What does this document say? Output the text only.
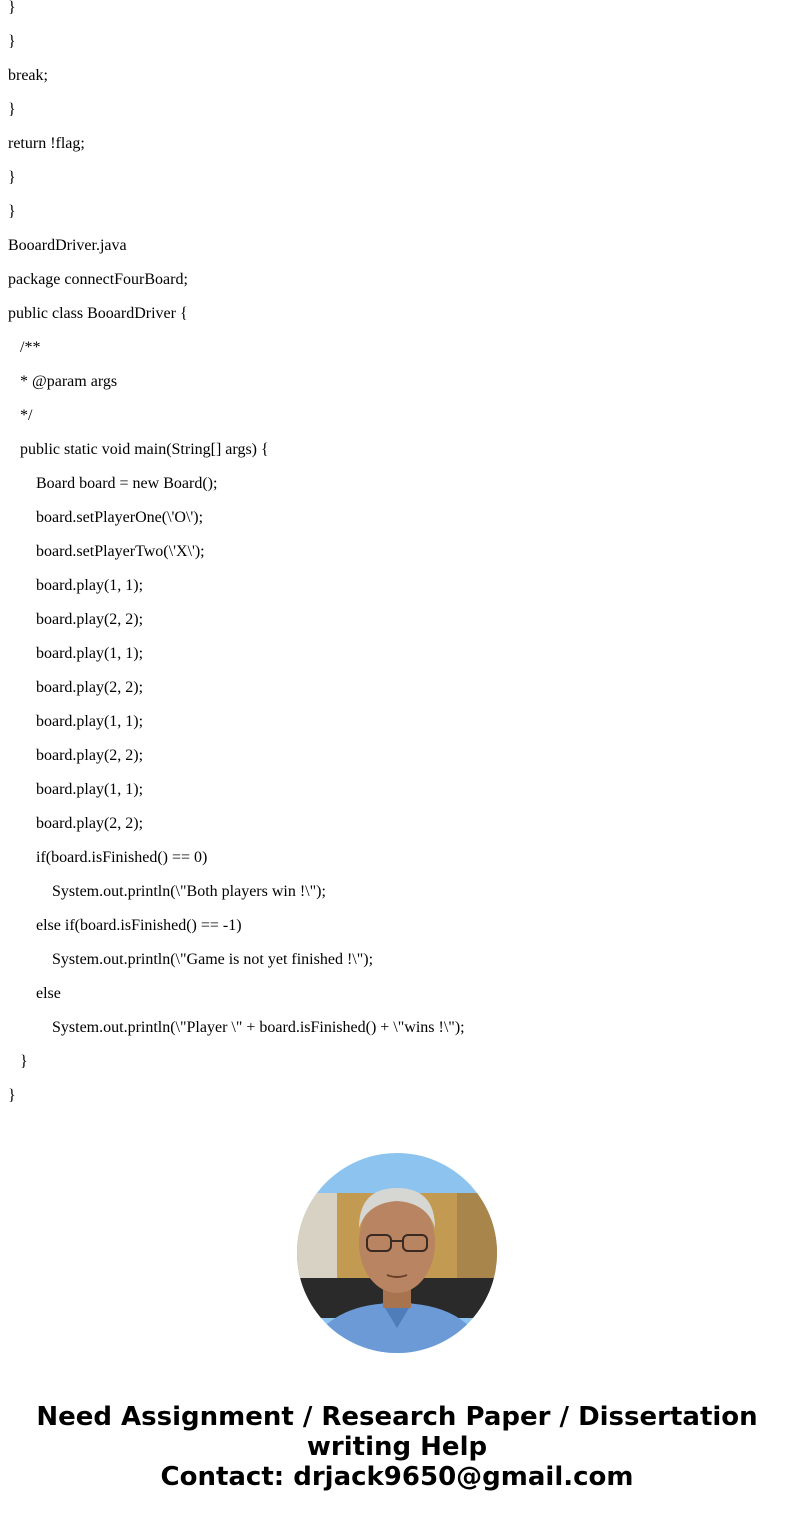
}
}
break;
}
return !flag;
}
}
BooardDriver.java
package connectFourBoard;
public class BooardDriver {
/**
* @param args
*/
public static void main(String[] args) {
Board board = new Board();
board.setPlayerOne(\'O\');
board.setPlayerTwo(\'X\');
board.play(1, 1);
board.play(2, 2);
board.play(1, 1);
board.play(2, 2);
board.play(1, 1);
board.play(2, 2);
board.play(1, 1);
board.play(2, 2);
if(board.isFinished() == 0)
System.out.println(\"Both players win !\");
else if(board.isFinished() == -1)
System.out.println(\"Game is not yet finished !\");
else
System.out.println(\"Player \" + board.isFinished() + \"wins !\");
}
}
Need Assignment / Research Paper / Dissertation
writing Help
Contact: drjack9650@gmail.com
